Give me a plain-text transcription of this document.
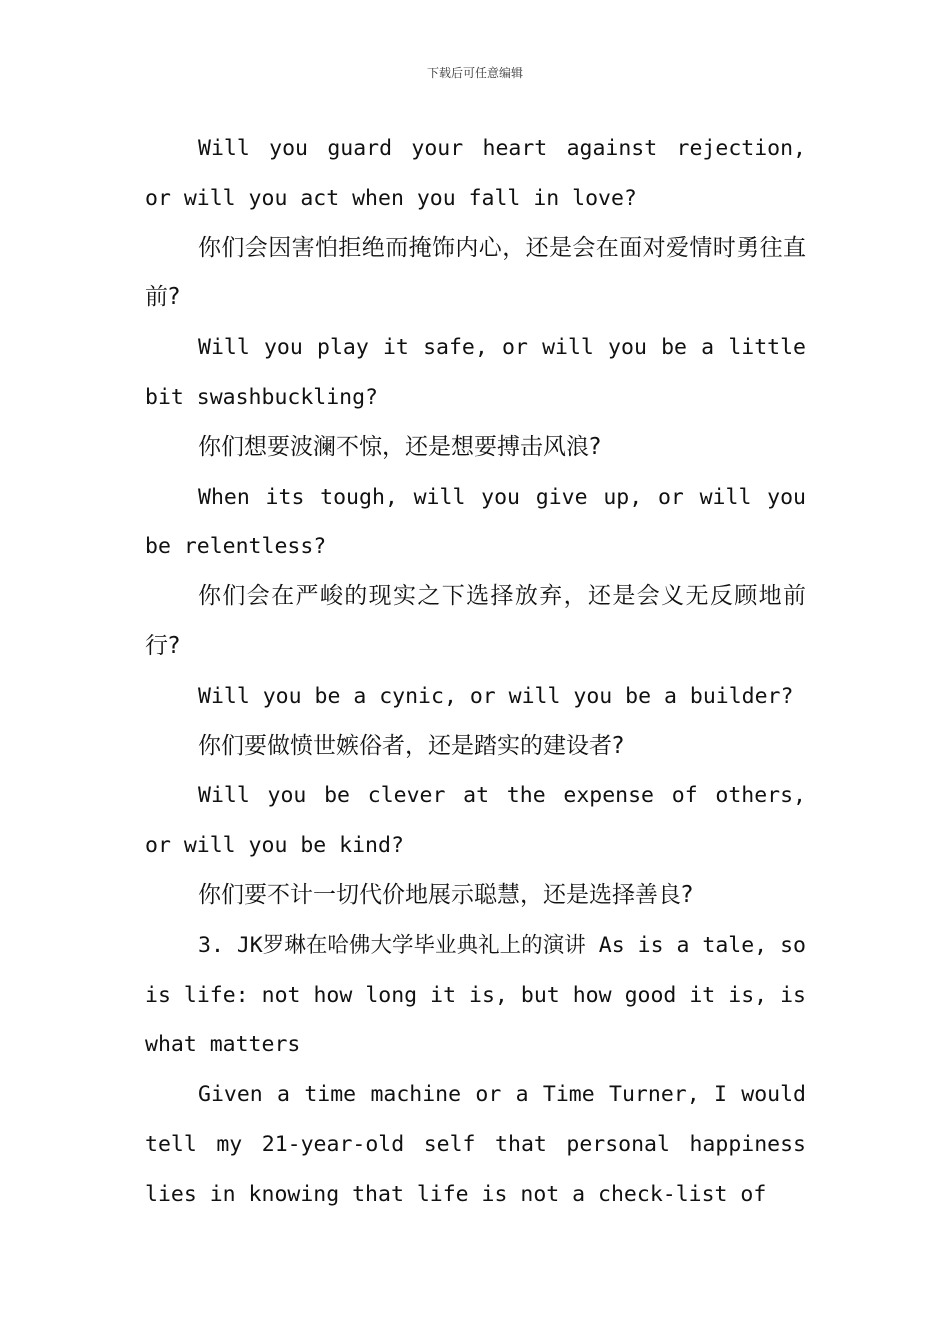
下载后可任意编辑

Will you guard your heart against rejection, or will you act when you fall in love?

你们会因害怕拒绝而掩饰内心，还是会在面对爱情时勇往直前?

Will you play it safe, or will you be a little bit swashbuckling?

你们想要波澜不惊，还是想要搏击风浪?

When its tough, will you give up, or will you be relentless?

你们会在严峻的现实之下选择放弃，还是会义无反顾地前行?

Will you be a cynic, or will you be a builder?

你们要做愤世嫉俗者，还是踏实的建设者?

Will you be clever at the expense of others, or will you be kind?

你们要不计一切代价地展示聪慧，还是选择善良?

3. JK罗琳在哈佛大学毕业典礼上的演讲 As is a tale, so is life: not how long it is, but how good it is, is what matters

Given a time machine or a Time Turner, I would tell my 21-year-old self that personal happiness lies in knowing that life is not a check-list of
